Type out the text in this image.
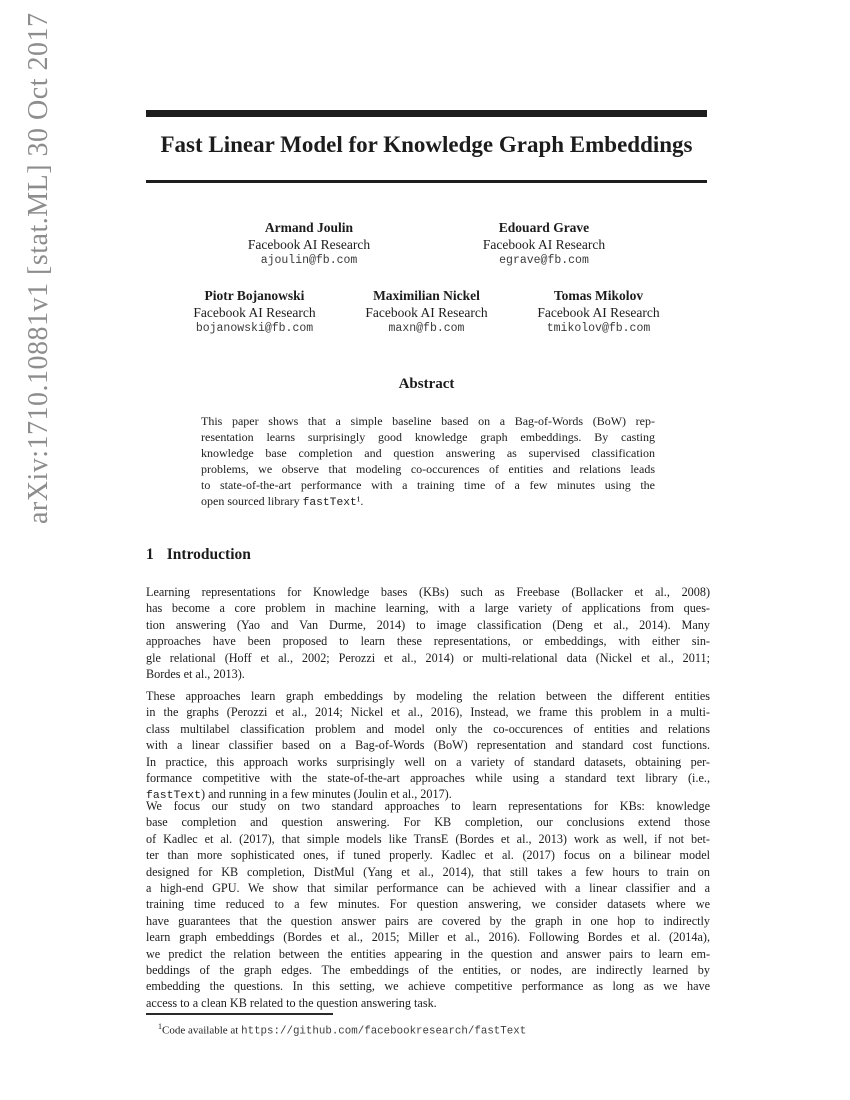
arXiv:1710.10881v1 [stat.ML] 30 Oct 2017	Fast Linear Model for Knowledge Graph Embeddings
Armand Joulin
Facebook AI Research
ajoulin@fb.com
Edouard Grave
Facebook AI Research
egrave@fb.com
Piotr Bojanowski
Facebook AI Research
bojanowski@fb.com
Maximilian Nickel
Facebook AI Research
maxn@fb.com
Tomas Mikolov
Facebook AI Research
tmikolov@fb.com
Abstract
This paper shows that a simple baseline based on a Bag-of-Words (BoW) rep-
resentation learns surprisingly good knowledge graph embeddings. By casting
knowledge base completion and question answering as supervised classification
problems, we observe that modeling co-occurences of entities and relations leads
to state-of-the-art performance with a training time of a few minutes using the
open sourced library fastText¹.
1 Introduction
Learning representations for Knowledge bases (KBs) such as Freebase (Bollacker et al., 2008)
has become a core problem in machine learning, with a large variety of applications from ques-
tion answering (Yao and Van Durme, 2014) to image classification (Deng et al., 2014). Many
approaches have been proposed to learn these representations, or embeddings, with either sin-
gle relational (Hoff et al., 2002; Perozzi et al., 2014) or multi-relational data (Nickel et al., 2011;
Bordes et al., 2013).
These approaches learn graph embeddings by modeling the relation between the different entities
in the graphs (Perozzi et al., 2014; Nickel et al., 2016), Instead, we frame this problem in a multi-
class multilabel classification problem and model only the co-occurences of entities and relations
with a linear classifier based on a Bag-of-Words (BoW) representation and standard cost functions.
In practice, this approach works surprisingly well on a variety of standard datasets, obtaining per-
formance competitive with the state-of-the-art approaches while using a standard text library (i.e.,
fastText) and running in a few minutes (Joulin et al., 2017).
We focus our study on two standard approaches to learn representations for KBs: knowledge
base completion and question answering. For KB completion, our conclusions extend those
of Kadlec et al. (2017), that simple models like TransE (Bordes et al., 2013) work as well, if not bet-
ter than more sophisticated ones, if tuned properly. Kadlec et al. (2017) focus on a bilinear model
designed for KB completion, DistMul (Yang et al., 2014), that still takes a few hours to train on
a high-end GPU. We show that similar performance can be achieved with a linear classifier and a
training time reduced to a few minutes. For question answering, we consider datasets where we
have guarantees that the question answer pairs are covered by the graph in one hop to indirectly
learn graph embeddings (Bordes et al., 2015; Miller et al., 2016). Following Bordes et al. (2014a),
we predict the relation between the entities appearing in the question and answer pairs to learn em-
beddings of the graph edges. The embeddings of the entities, or nodes, are indirectly learned by
embedding the questions. In this setting, we achieve competitive performance as long as we have
access to a clean KB related to the question answering task.
$^1$Code available at https://github.com/facebookresearch/fastText
